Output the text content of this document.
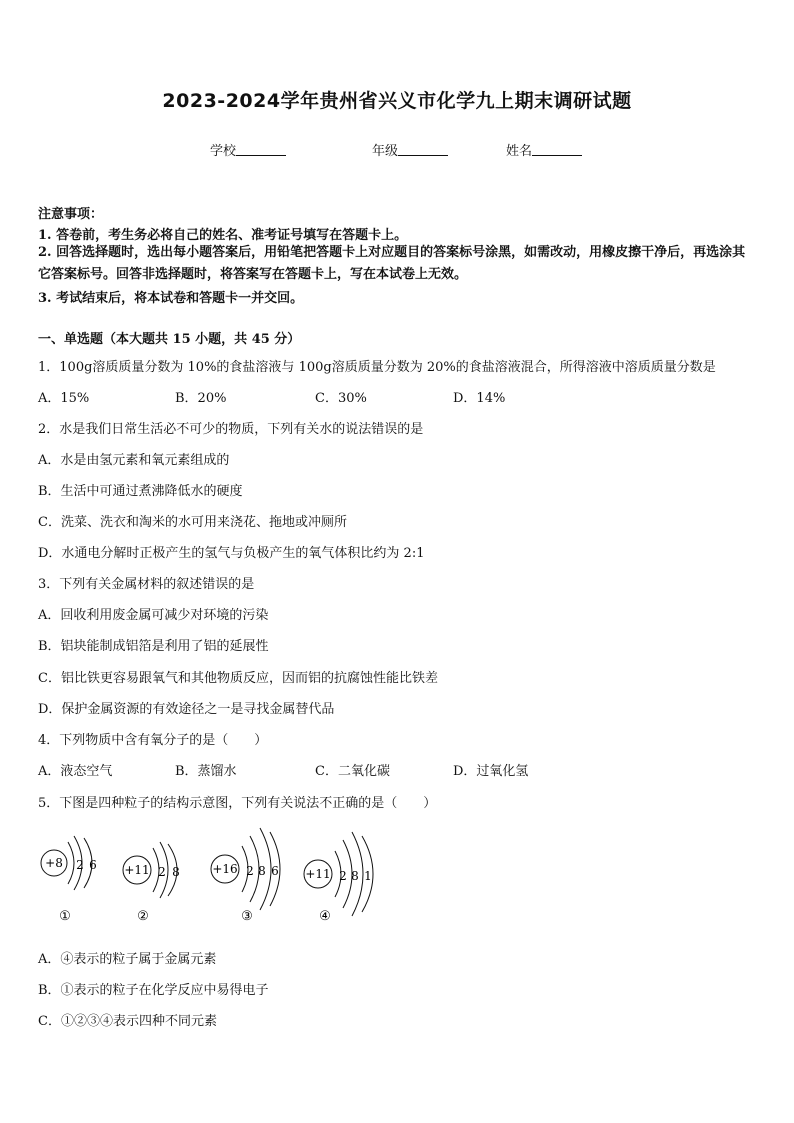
2023-2024学年贵州省兴义市化学九上期末调研试题
学校	年级	姓名
注意事项：
1. 答卷前，考生务必将自己的姓名、准考证号填写在答题卡上。
2. 回答选择题时，选出每小题答案后，用铅笔把答题卡上对应题目的答案标号涂黑，如需改动，用橡皮擦干净后，再选涂其它答案标号。回答非选择题时，将答案写在答题卡上，写在本试卷上无效。
3. 考试结束后，将本试卷和答题卡一并交回。
一、单选题（本大题共 15 小题，共 45 分）
1．100g溶质质量分数为 10%的食盐溶液与 100g溶质质量分数为 20%的食盐溶液混合，所得溶液中溶质质量分数是
A．15%	B．20%	C．30%	D．14%
2．水是我们日常生活必不可少的物质，下列有关水的说法错误的是
A．水是由氢元素和氧元素组成的
B．生活中可通过煮沸降低水的硬度
C．洗菜、洗衣和淘米的水可用来浇花、拖地或冲厕所
D．水通电分解时正极产生的氢气与负极产生的氧气体积比约为 2:1
3．下列有关金属材料的叙述错误的是
A．回收利用废金属可减少对环境的污染
B．铝块能制成铝箔是利用了铝的延展性
C．铝比铁更容易跟氧气和其他物质反应，因而铝的抗腐蚀性能比铁差
D．保护金属资源的有效途径之一是寻找金属替代品
4．下列物质中含有氧分子的是（　　）
A．液态空气	B．蒸馏水	C．二氧化碳	D．过氧化氢
5．下图是四种粒子的结构示意图，下列有关说法不正确的是（　　）
+8 2 6
①
+11 2 8
②
+16 2 8 6
③
+11 2 8 1
④
A．④表示的粒子属于金属元素
B．①表示的粒子在化学反应中易得电子
C．①②③④表示四种不同元素
